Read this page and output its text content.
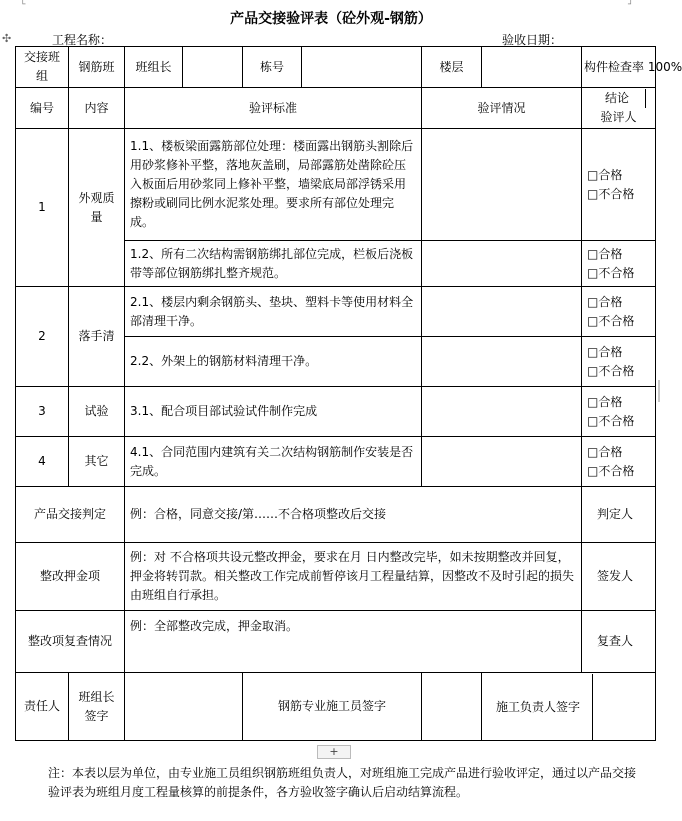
└	┘
✣
产品交接验评表（砼外观-钢筋）
工程名称：	验收日期：
交接班组	钢筋班	班组长		栋号		楼层		构件检查率 100%
编号	内容	验评标准				验评情况		结论验评人
1	外观质量	1.1、楼板梁面露筋部位处理：楼面露出钢筋头割除后用砂浆修补平整，落地灰盖刷，局部露筋处凿除砼压入板面后用砂浆同上修补平整，墙梁底局部浮锈采用擦粉或刷同比例水泥浆处理。要求所有部位处理完成。						□合格
□不合格

		1.2、所有二次结构需钢筋绑扎部位完成，栏板后浇板带等部位钢筋绑扎整齐规范。						□合格
□不合格

2	落手清	2.1、楼层内剩余钢筋头、垫块、塑料卡等使用材料全部清理干净。						□合格
□不合格

		2.2、外架上的钢筋材料清理干净。						□合格
□不合格

3	试验	3.1、配合项目部试验试件制作完成						□合格
□不合格

4	其它	4.1、合同范围内建筑有关二次结构钢筋制作安装是否完成。						□合格
□不合格

产品交接判定		例：合格，同意交接/第……不合格项整改后交接						判定人
整改押金项		例：对 不合格项共设元整改押金，要求在月 日内整改完毕，如未按期整改并回复，押金将转罚款。相关整改工作完成前暂停该月工程量结算，因整改不及时引起的损失由班组自行承担。						签发人
整改项复查情况		例：全部整改完成，押金取消。						复查人
责任人	班组长签字			钢筋专业施工员签字			施工负责人签字	
+
注：本表以层为单位，由专业施工员组织钢筋班组负责人，对班组施工完成产品进行验收评定，通过以产品交接验评表为班组月度工程量核算的前提条件，各方验收签字确认后启动结算流程。
